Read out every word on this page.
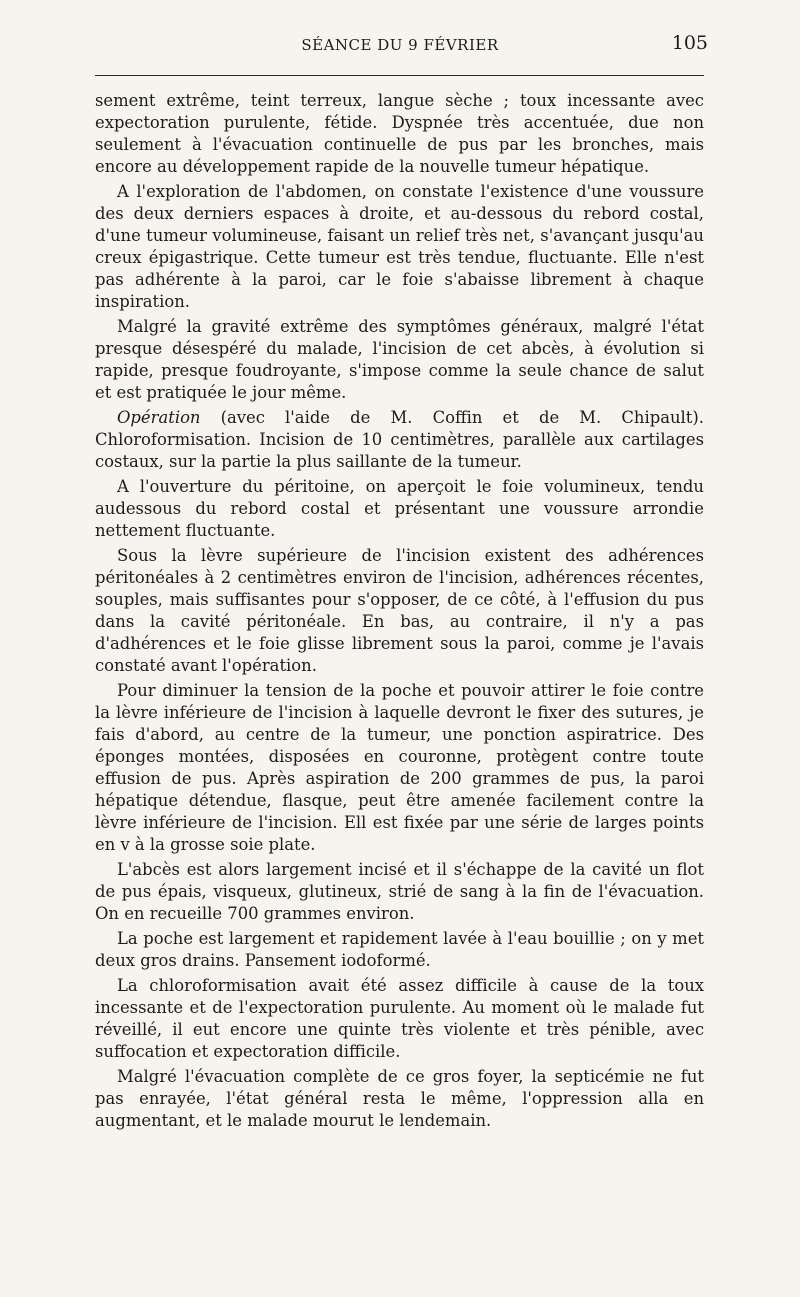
SÉANCE DU 9 FÉVRIER	105

sement extrême, teint terreux, langue sèche ; toux incessante avec expectoration purulente, fétide. Dyspnée très accentuée, due non seulement à l'évacuation continuelle de pus par les bronches, mais encore au développement rapide de la nouvelle tumeur hépatique.

A l'exploration de l'abdomen, on constate l'existence d'une voussure des deux derniers espaces à droite, et au-dessous du rebord costal, d'une tumeur volumineuse, faisant un relief très net, s'avançant jusqu'au creux épigastrique. Cette tumeur est très tendue, fluctuante. Elle n'est pas adhérente à la paroi, car le foie s'abaisse librement à chaque inspiration.

Malgré la gravité extrême des symptômes généraux, malgré l'état presque désespéré du malade, l'incision de cet abcès, à évolution si rapide, presque foudroyante, s'impose comme la seule chance de salut et est pratiquée le jour même.

Opération (avec l'aide de M. Coffin et de M. Chipault). Chloroformisation. Incision de 10 centimètres, parallèle aux cartilages costaux, sur la partie la plus saillante de la tumeur.

A l'ouverture du péritoine, on aperçoit le foie volumineux, tendu audessous du rebord costal et présentant une voussure arrondie nettement fluctuante.

Sous la lèvre supérieure de l'incision existent des adhérences péritonéales à 2 centimètres environ de l'incision, adhérences récentes, souples, mais suffisantes pour s'opposer, de ce côté, à l'effusion du pus dans la cavité péritonéale. En bas, au contraire, il n'y a pas d'adhérences et le foie glisse librement sous la paroi, comme je l'avais constaté avant l'opération.

Pour diminuer la tension de la poche et pouvoir attirer le foie contre la lèvre inférieure de l'incision à laquelle devront le fixer des sutures, je fais d'abord, au centre de la tumeur, une ponction aspiratrice. Des éponges montées, disposées en couronne, protègent contre toute effusion de pus. Après aspiration de 200 grammes de pus, la paroi hépatique détendue, flasque, peut être amenée facilement contre la lèvre inférieure de l'incision. Ell est fixée par une série de larges points en v à la grosse soie plate.

L'abcès est alors largement incisé et il s'échappe de la cavité un flot de pus épais, visqueux, glutineux, strié de sang à la fin de l'évacuation. On en recueille 700 grammes environ.

La poche est largement et rapidement lavée à l'eau bouillie ; on y met deux gros drains. Pansement iodoformé.

La chloroformisation avait été assez difficile à cause de la toux incessante et de l'expectoration purulente. Au moment où le malade fut réveillé, il eut encore une quinte très violente et très pénible, avec suffocation et expectoration difficile.

Malgré l'évacuation complète de ce gros foyer, la septicémie ne fut pas enrayée, l'état général resta le même, l'oppression alla en augmentant, et le malade mourut le lendemain.
